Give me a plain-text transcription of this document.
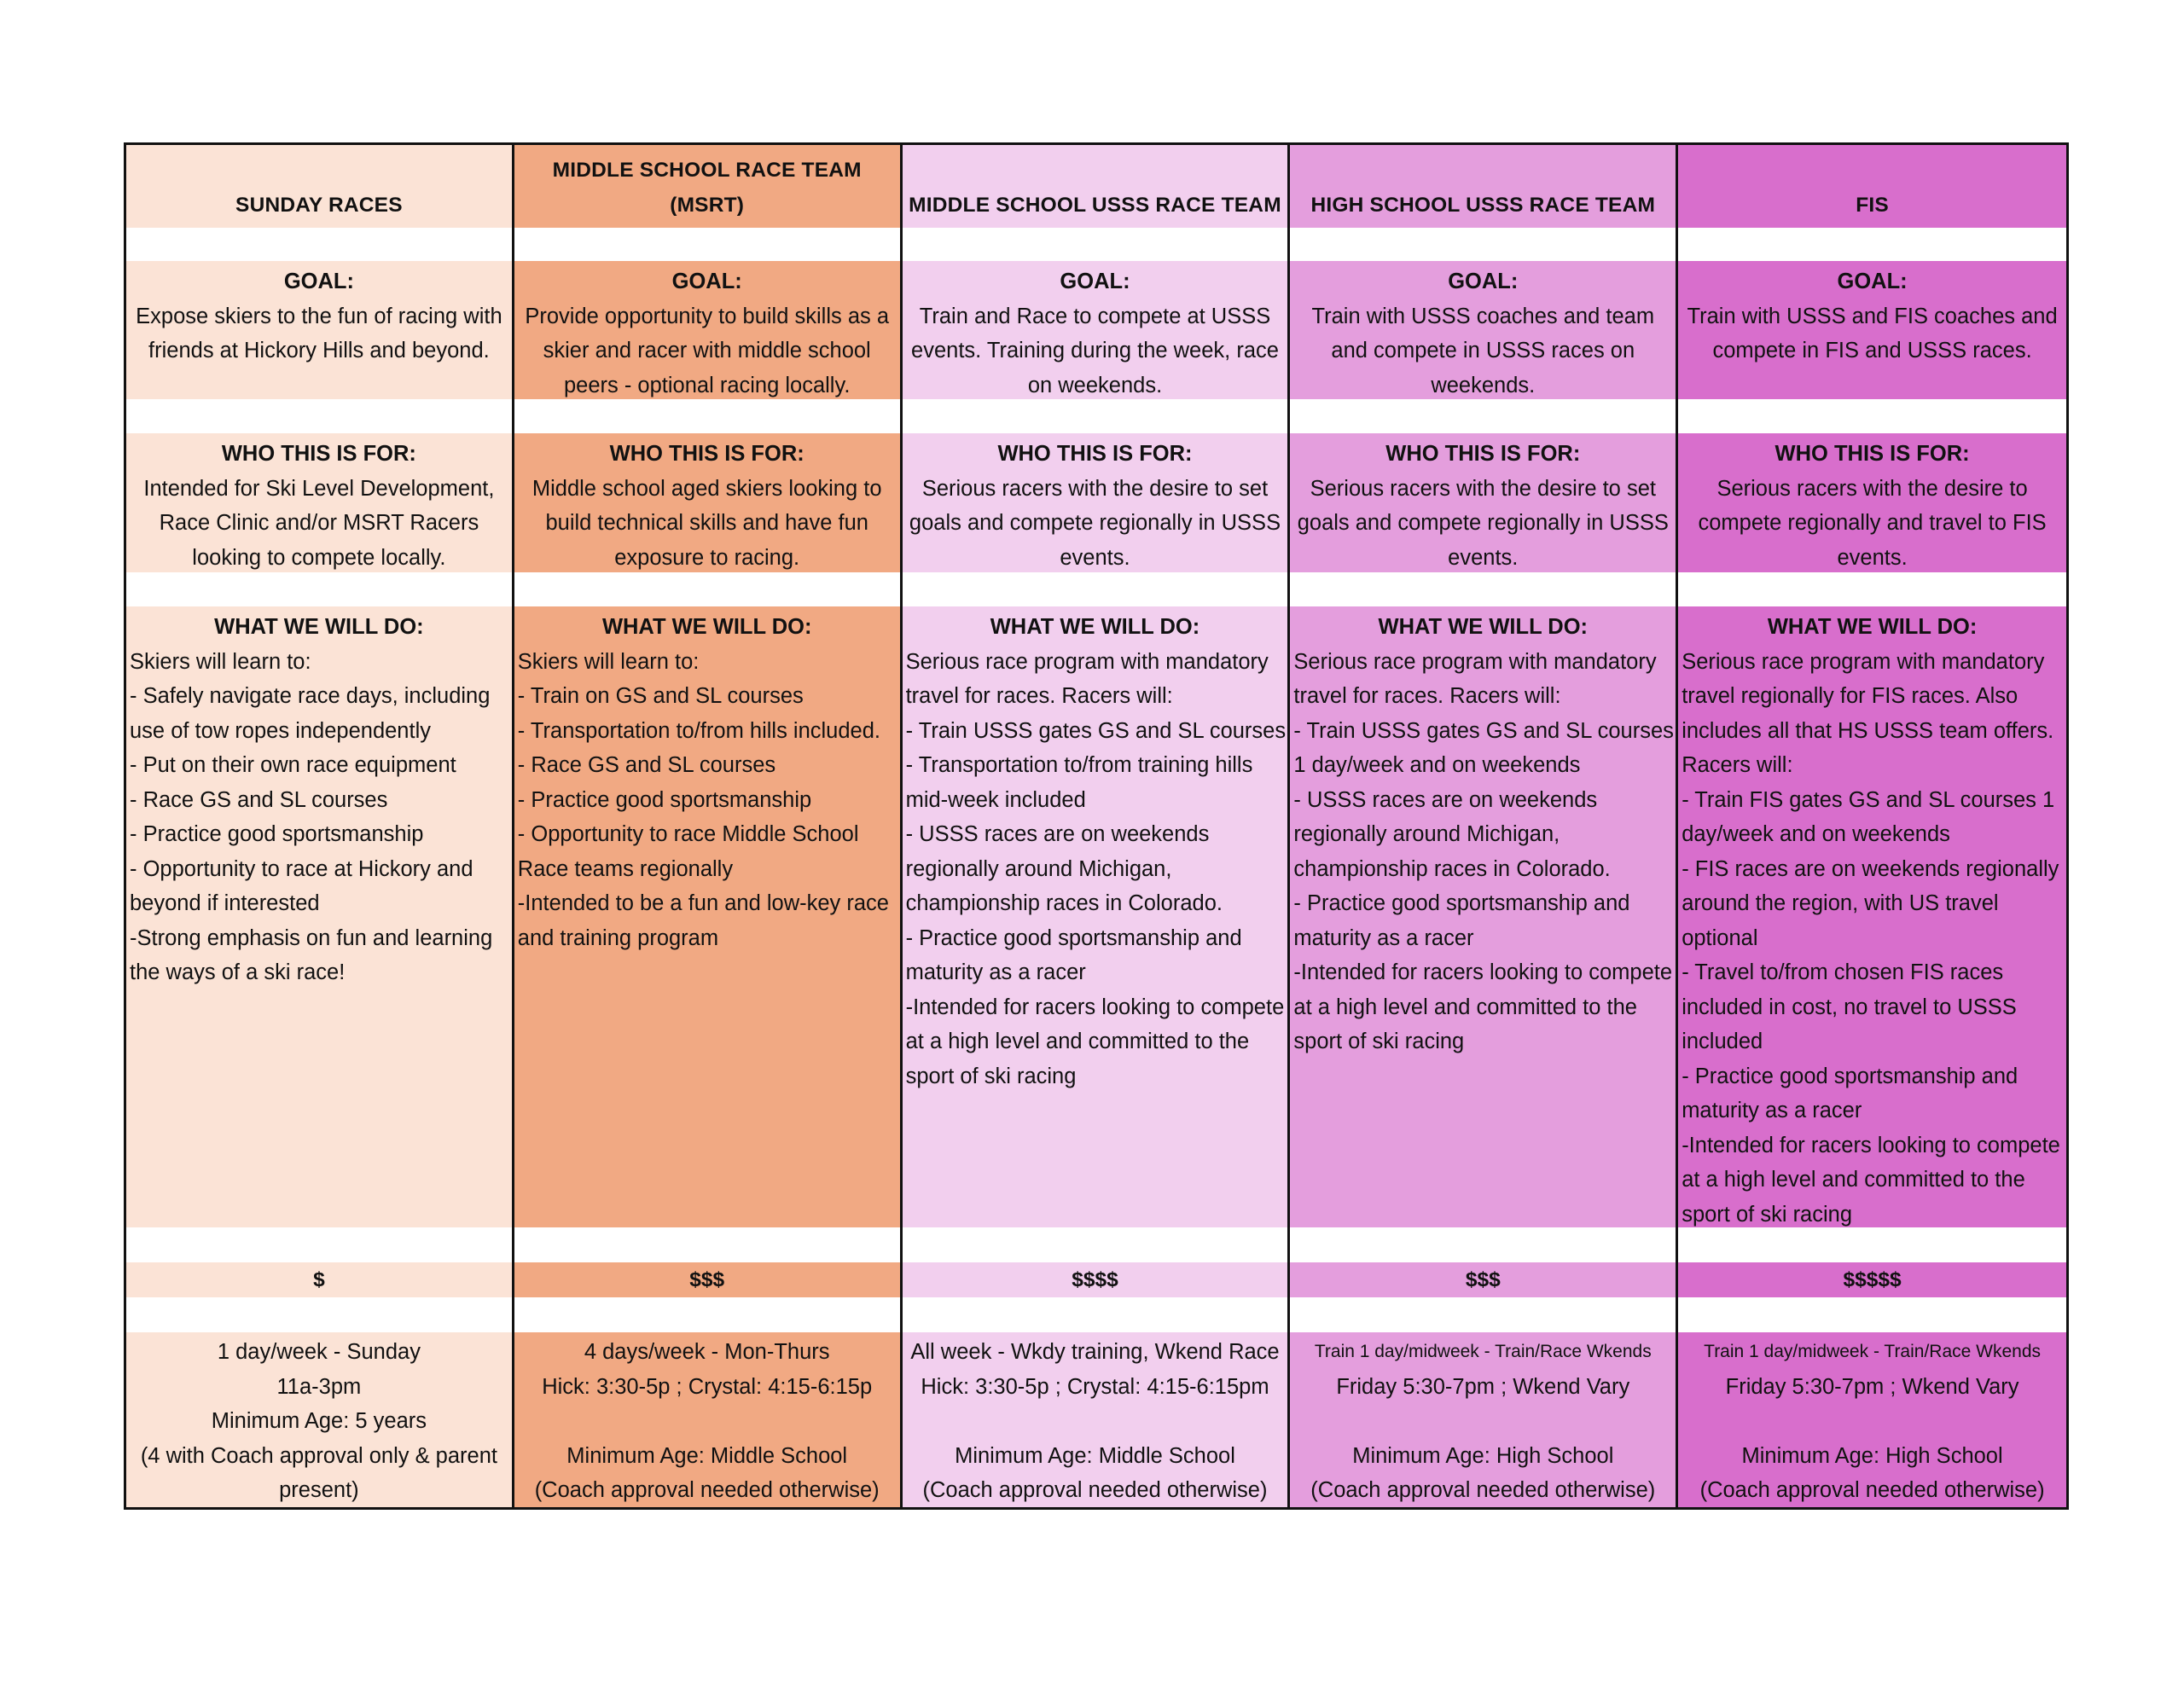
SUNDAY RACES
GOAL:
Expose skiers to the fun of racing with friends at Hickory Hills and beyond.
WHO THIS IS FOR:
Intended for Ski Level Development, Race Clinic and/or MSRT Racers looking to compete locally.
WHAT WE WILL DO:
Skiers will learn to:
- Safely navigate race days, including use of tow ropes independently
- Put on their own race equipment
- Race GS and SL courses
- Practice good sportsmanship
- Opportunity to race at Hickory and beyond if interested
-Strong emphasis on fun and learning the ways of a ski race!
$
1 day/week - Sunday
11a-3pm
Minimum Age: 5 years
(4 with Coach approval only & parent
present)
MIDDLE SCHOOL RACE TEAM (MSRT)
GOAL:
Provide opportunity to build skills as a skier and racer with middle school peers - optional racing locally.
WHO THIS IS FOR:
Middle school aged skiers looking to build technical skills and have fun exposure to racing.
WHAT WE WILL DO:
Skiers will learn to:
- Train on GS and SL courses
- Transportation to/from hills included.
- Race GS and SL courses
- Practice good sportsmanship
- Opportunity to race Middle School Race teams regionally
-Intended to be a fun and low-key race and training program
$$$
4 days/week - Mon-Thurs
Hick: 3:30-5p ; Crystal: 4:15-6:15p
Minimum Age: Middle School
(Coach approval needed otherwise)
MIDDLE SCHOOL USSS RACE TEAM
GOAL:
Train and Race to compete at USSS events. Training during the week, race on weekends.
WHO THIS IS FOR:
Serious racers with the desire to set goals and compete regionally in USSS events.
WHAT WE WILL DO:
Serious race program with mandatory travel for races. Racers will:
- Train USSS gates GS and SL courses
- Transportation to/from training hills mid-week included
- USSS races are on weekends regionally around Michigan, championship races in Colorado.
- Practice good sportsmanship and maturity as a racer
-Intended for racers looking to compete at a high level and committed to the sport of ski racing
$$$$
All week - Wkdy training, Wkend Race
Hick: 3:30-5p ; Crystal: 4:15-6:15pm
Minimum Age: Middle School
(Coach approval needed otherwise)
HIGH SCHOOL USSS RACE TEAM
GOAL:
Train with USSS coaches and team and compete in USSS races on weekends.
WHO THIS IS FOR:
Serious racers with the desire to set goals and compete regionally in USSS events.
WHAT WE WILL DO:
Serious race program with mandatory travel for races. Racers will:
- Train USSS gates GS and SL courses 1 day/week and on weekends
- USSS races are on weekends regionally around Michigan, championship races in Colorado.
- Practice good sportsmanship and maturity as a racer
-Intended for racers looking to compete at a high level and committed to the sport of ski racing
$$$
Train 1 day/midweek - Train/Race Wkends
Friday 5:30-7pm ; Wkend Vary
Minimum Age: High School
(Coach approval needed otherwise)
FIS
GOAL:
Train with USSS and FIS coaches and compete in FIS and USSS races.
WHO THIS IS FOR:
Serious racers with the desire to compete regionally and travel to FIS events.
WHAT WE WILL DO:
Serious race program with mandatory travel regionally for FIS races. Also includes all that HS USSS team offers. Racers will:
- Train FIS gates GS and SL courses 1 day/week and on weekends
- FIS races are on weekends regionally around the region, with US travel optional
- Travel to/from chosen FIS races included in cost, no travel to USSS included
- Practice good sportsmanship and maturity as a racer
-Intended for racers looking to compete at a high level and committed to the sport of ski racing
$$$$$
Train 1 day/midweek - Train/Race Wkends
Friday 5:30-7pm ; Wkend Vary
Minimum Age: High School
(Coach approval needed otherwise)
